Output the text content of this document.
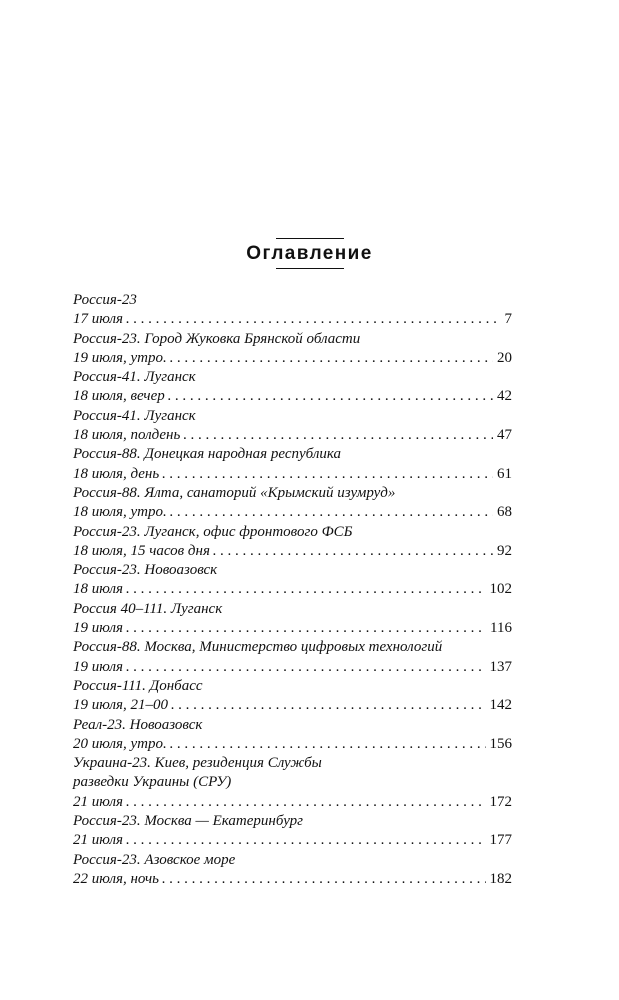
Оглавление
Россия-23
17 июля . . .	7
Россия-23. Город Жуковка Брянской области
19 июля, утро. . . .	20
Россия-41. Луганск
18 июля, вечер . . .	42
Россия-41. Луганск
18 июля, полдень . . .	47
Россия-88. Донецкая народная республика
18 июля, день . . .	61
Россия-88. Ялта, санаторий «Крымский изумруд»
18 июля, утро. . . .	68
Россия-23. Луганск, офис фронтового ФСБ
18 июля, 15 часов дня . . .	92
Россия-23. Новоазовск
18 июля . . .	102
Россия 40–111. Луганск
19 июля . . .	116
Россия-88. Москва, Министерство цифровых технологий
19 июля . . .	137
Россия-111. Донбасс
19 июля, 21–00 . . .	142
Реал-23. Новоазовск
20 июля, утро. . . .	156
Украина-23. Киев, резиденция Службы
разведки Украины (СРУ)
21 июля . . .	172
Россия-23. Москва — Екатеринбург
21 июля . . .	177
Россия-23. Азовское море
22 июля, ночь . . .	182
